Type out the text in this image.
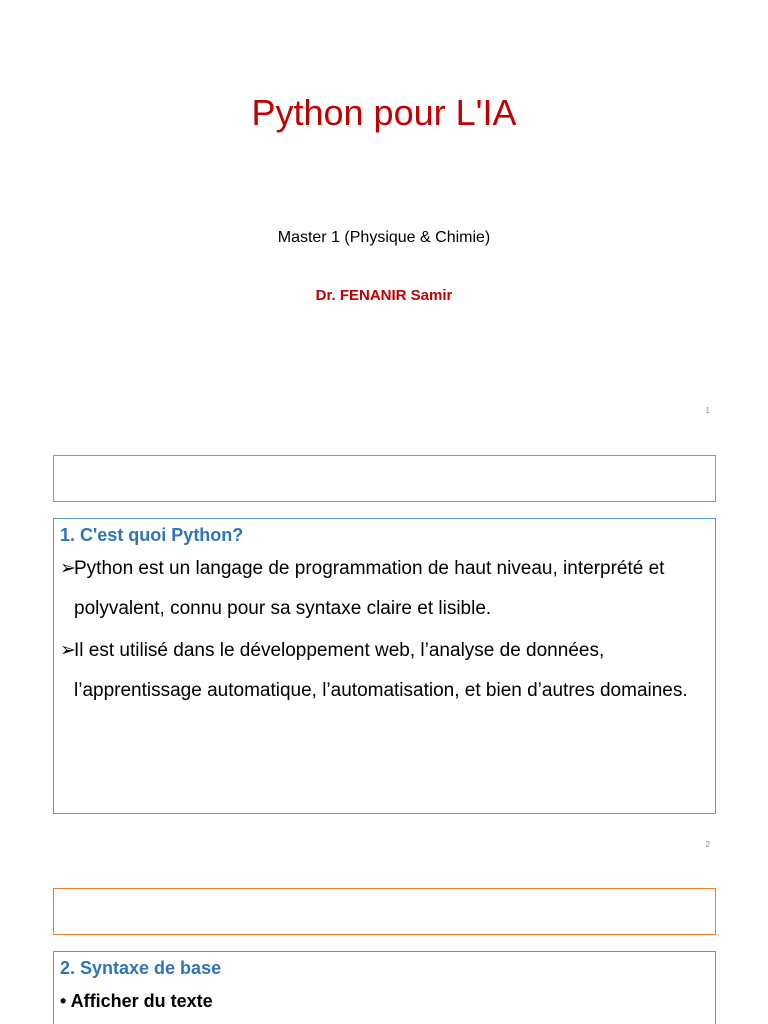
Python pour L'IA
Master 1 (Physique & Chimie)
Dr. FENANIR Samir
1
1. C'est quoi Python?
➢Python est un langage de programmation de haut niveau, interprété et polyvalent, connu pour sa syntaxe claire et lisible.
➢Il est utilisé dans le développement web, l’analyse de données, l’apprentissage automatique, l’automatisation, et bien d’autres domaines.
2
2. Syntaxe de base
• Afficher du texte
